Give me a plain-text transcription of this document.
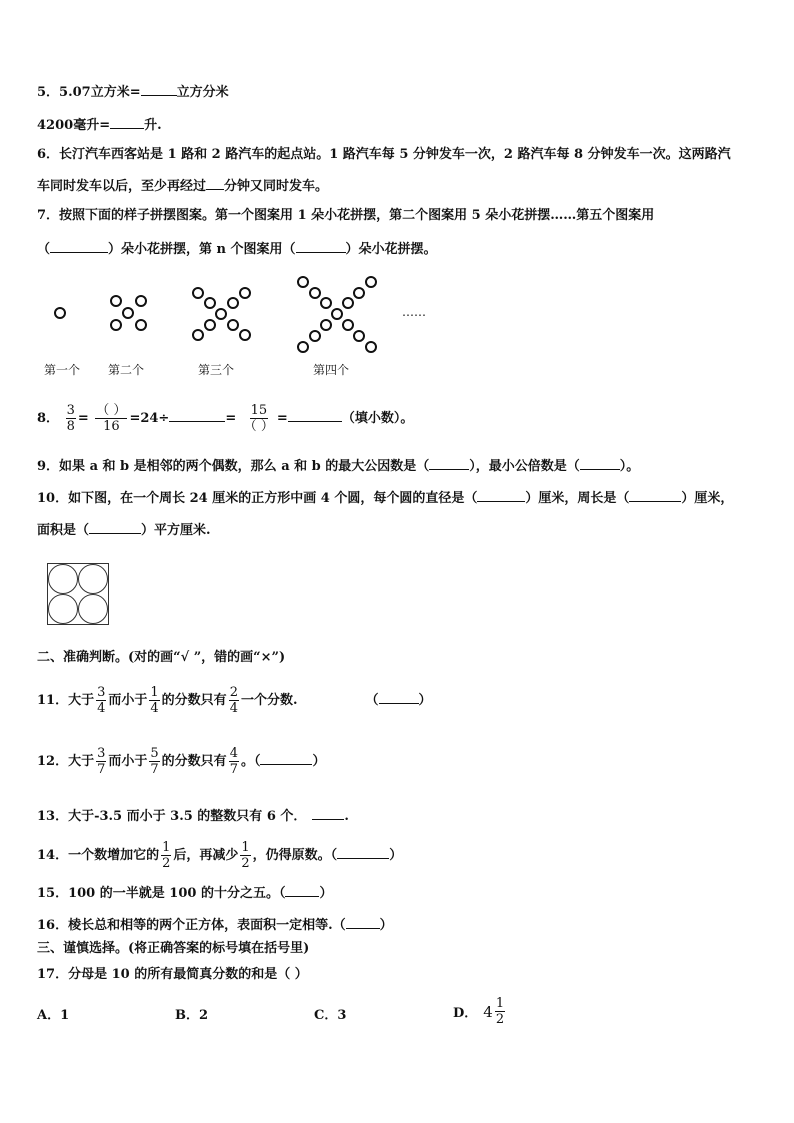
5．5.07立方米=	立方分米
4200毫升=	升.
6．长汀汽车西客站是 1 路和 2 路汽车的起点站。1 路汽车每 5 分钟发车一次，2 路汽车每 8 分钟发车一次。这两路汽
车同时发车以后，至少再经过 分钟又同时发车。
7．按照下面的样子拼摆图案。第一个图案用 1 朵小花拼摆，第二个图案用 5 朵小花拼摆……第五个图案用
（	）朵小花拼摆，第 n 个图案用（	）朵小花拼摆。
……
第一个 第二个	第三个	第四个
8． $\frac{3}{8} = \frac{( )}{16} =24\div$	= $\frac{15}{( )}$ =	（填小数）。
9．如果 a 和 b 是相邻的两个偶数，那么 a 和 b 的最大公因数是（	），最小公倍数是（	）。
10．如下图，在一个周长 24 厘米的正方形中画 4 个圆，每个圆的直径是（	）厘米，周长是（	）厘米，
面积是（	）平方厘米.
二、准确判断。(对的画“√ ”，错的画“×”)
11．大于 $\frac{3}{4}$ 而小于 $\frac{1}{4}$ 的分数只有 $\frac{2}{4}$ 一个分数.	（	）
12．大于 $\frac{3}{7}$ 而小于 $\frac{5}{7}$ 的分数只有 $\frac{4}{7}$ 。（	）
13．大于-3.5 而小于 3.5 的整数只有 6 个．	.
14．一个数增加它的 $\frac{1}{2}$ 后，再减少 $\frac{1}{2}$ ，仍得原数。（	）
15．100 的一半就是 100 的十分之五。（	）
16．棱长总和相等的两个正方体，表面积一定相等.（	）
三、谨慎选择。(将正确答案的标号填在括号里)
17．分母是 10 的所有最简真分数的和是（ ）
A．1	B．2	C．3	D． $4 \frac{1}{2}$
